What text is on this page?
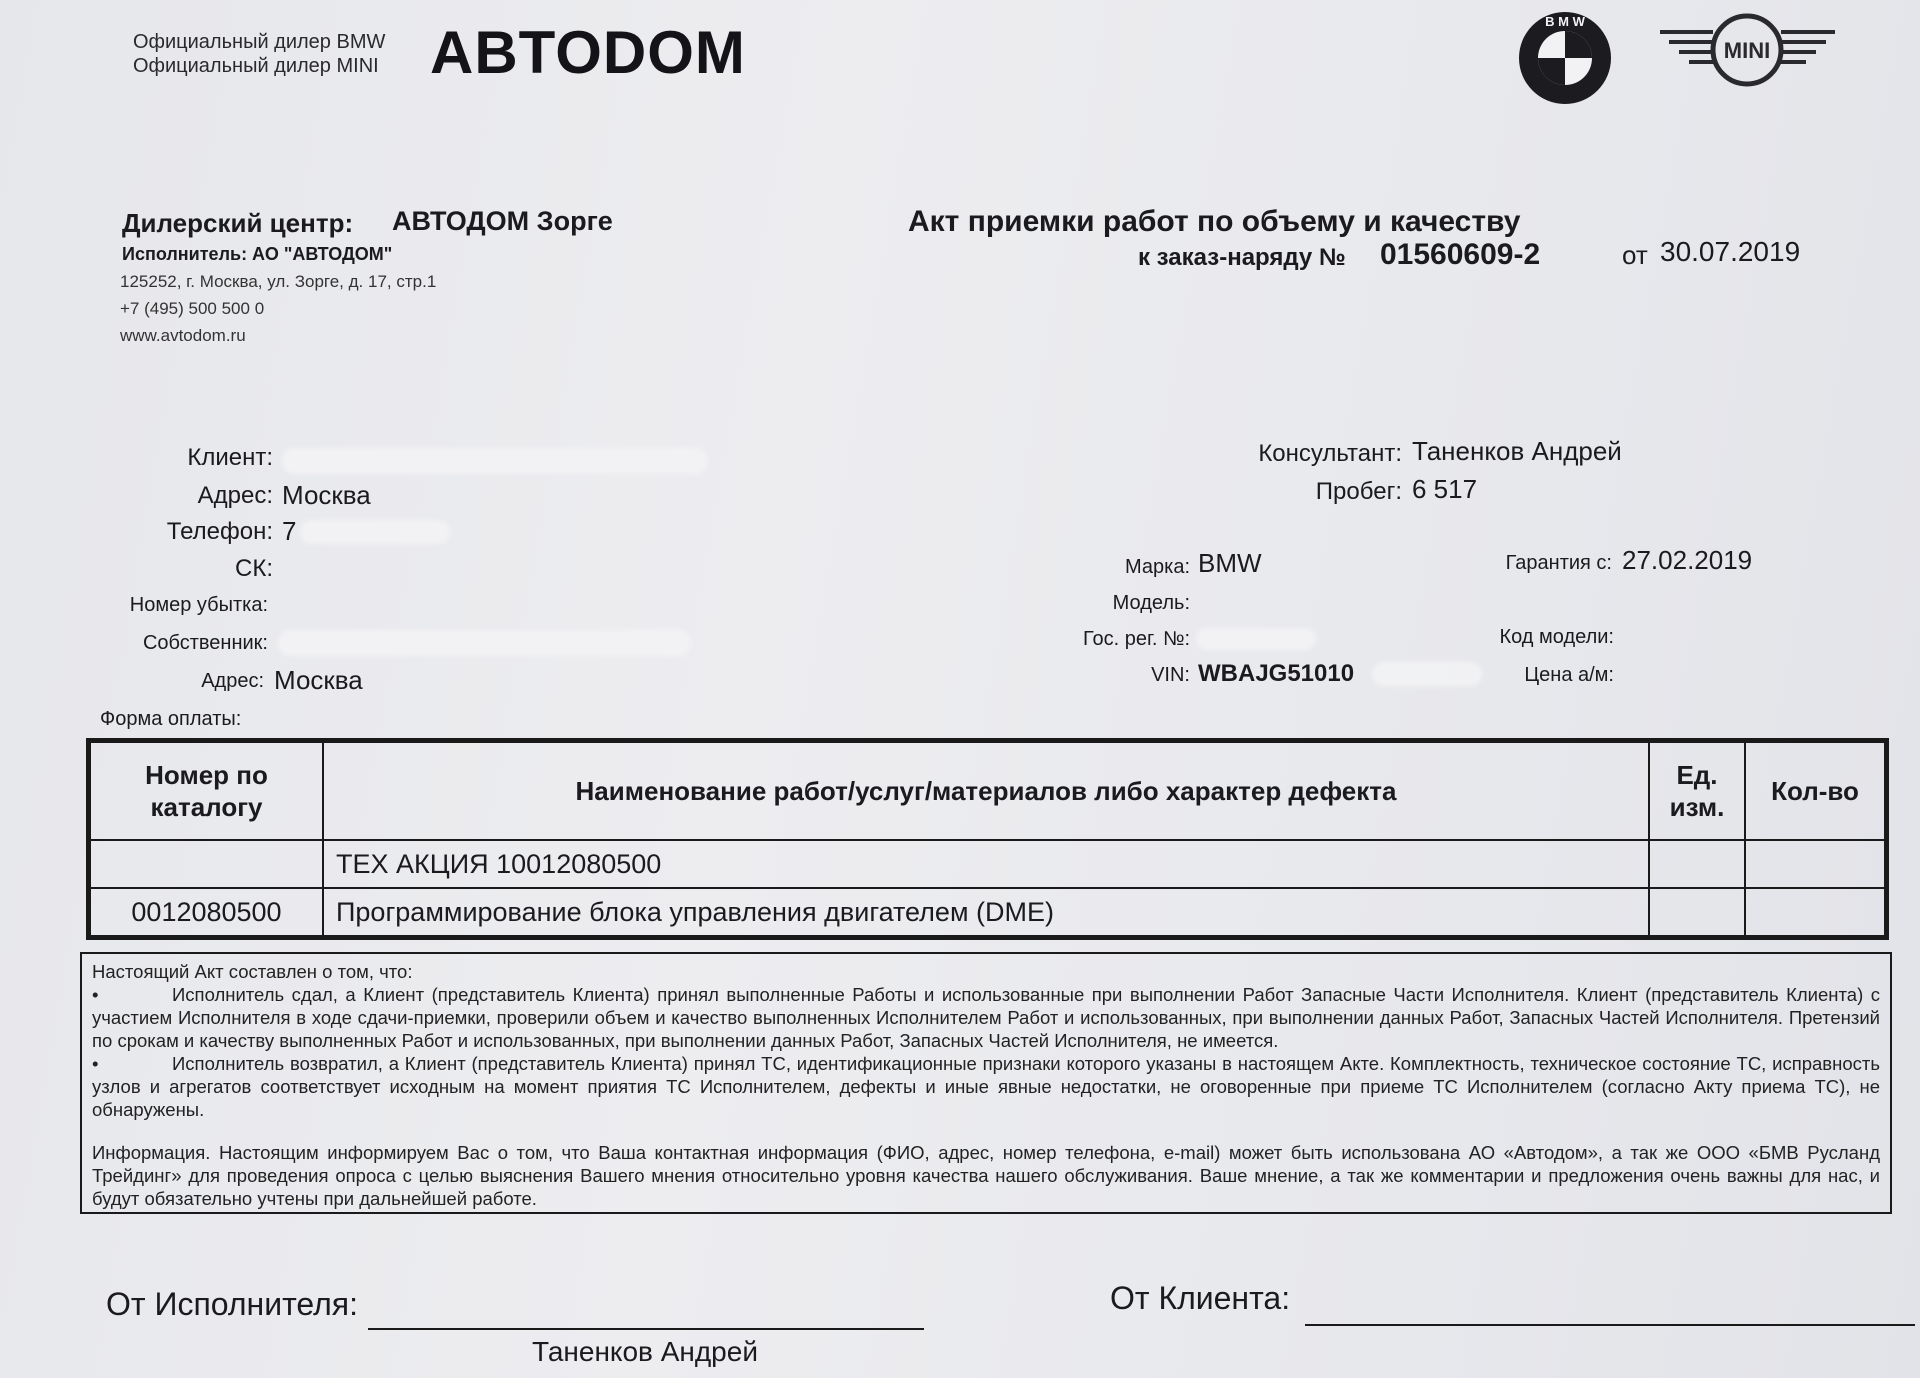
Официальный дилер BMW
Официальный дилер MINI ABTODOM	B M W
MINI
Дилерский центр: АВТОДОМ Зорге
Исполнитель: АО "АВТОДОМ"
125252, г. Москва, ул. Зорге, д. 17, стр.1
+7 (495) 500 500 0
www.avtodom.ru
Акт приемки работ по объему и качеству
к заказ-наряду № 01560609-2	от 30.07.2019
Клиент:
Адрес: Москва
Телефон: 7
СК:
Номер убытка:
Собственник:
Адрес: Москва
Форма оплаты:
Консультант: Таненков Андрей
Пробег: 6 517
Марка: BMW	Гарантия с: 27.02.2019
Модель:
Гос. рег. №:	Код модели:
VIN: WBAJG51010	Цена а/м:
Номер по каталогу	Наименование работ/услуг/материалов либо характер дефекта	Ед. изм.	Кол-во
	ТЕХ АКЦИЯ 10012080500		
0012080500	Программирование блока управления двигателем (DME)		

Настоящий Акт составлен о том, что:

•	Исполнитель сдал, а Клиент (представитель Клиента) принял выполненные Работы и использованные при выполнении Работ Запасные Части Исполнителя. Клиент (представитель Клиента) с участием Исполнителя в ходе сдачи-приемки, проверили объем и качество выполненных Исполнителем Работ и использованных, при выполнении данных Работ, Запасных Частей Исполнителя. Претензий по срокам и качеству выполненных Работ и использованных, при выполнении данных Работ, Запасных Частей Исполнителя, не имеется.

•	Исполнитель возвратил, а Клиент (представитель Клиента) принял ТС, идентификационные признаки которого указаны в настоящем Акте. Комплектность, техническое состояние ТС, исправность узлов и агрегатов соответствует исходным на момент приятия ТС Исполнителем, дефекты и иные явные недостатки, не оговоренные при приеме ТС Исполнителем (согласно Акту приема ТС), не обнаружены.

Информация. Настоящим информируем Вас о том, что Ваша контактная информация (ФИО, адрес, номер телефона, e-mail) может быть использована АО «Автодом», а так же ООО «БМВ Русланд Трейдинг» для проведения опроса с целью выяснения Вашего мнения относительно уровня качества нашего обслуживания. Ваше мнение, а так же комментарии и предложения очень важны для нас, и будут обязательно учтены при дальнейшей работе.

От Исполнителя:
Таненков Андрей
От Клиента:
